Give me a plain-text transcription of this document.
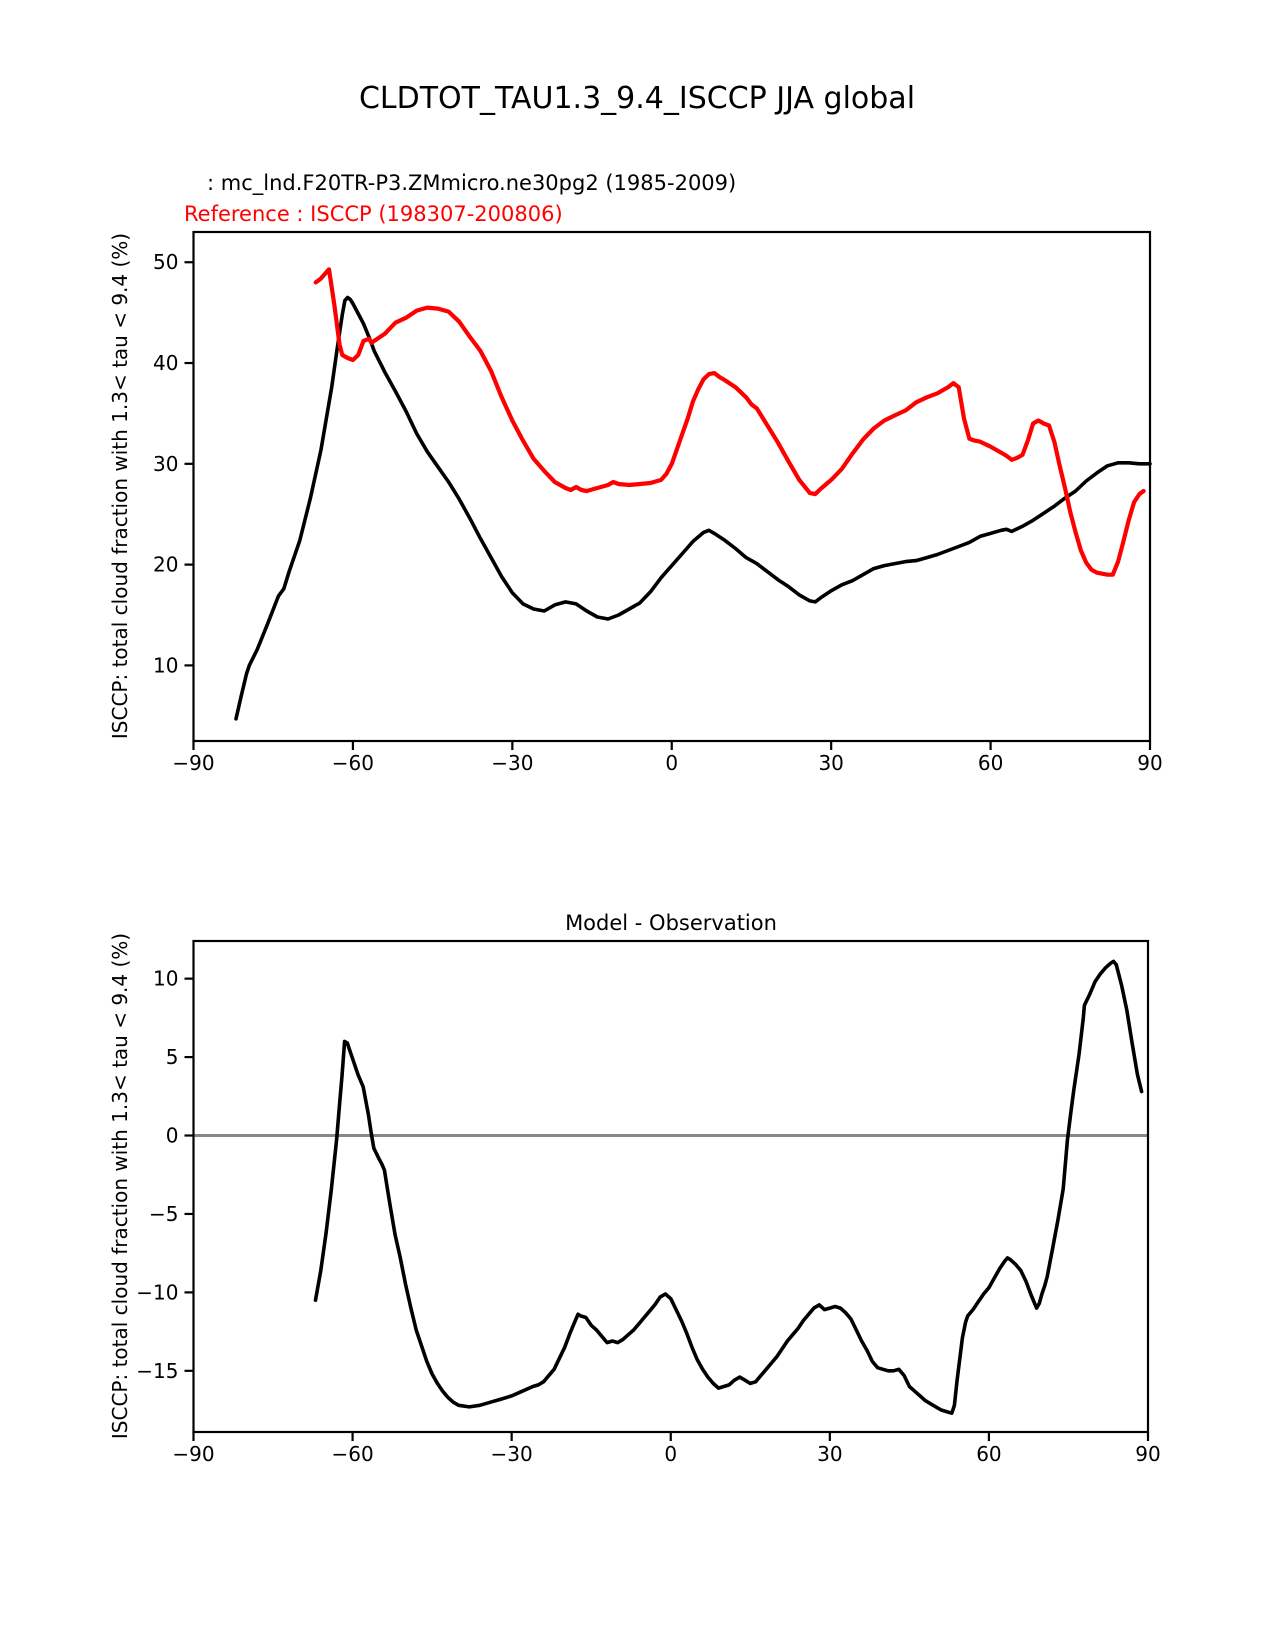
CLDTOT_TAU1.3_9.4_ISCCP JJA global
: mc_lnd.F20TR-P3.ZMmicro.ne30pg2 (1985-2009)
Reference : ISCCP (198307-200806)
ISCCP: total cloud fraction with 1.3< tau < 9.4 (%)
Model - Observation
ISCCP: total cloud fraction with 1.3< tau < 9.4 (%)
−90	−60	−30	0	30	60	90
10
20
30
40
50
−90	−60	−30	0	30	60	90
−15
−10
−5
0
5
10
